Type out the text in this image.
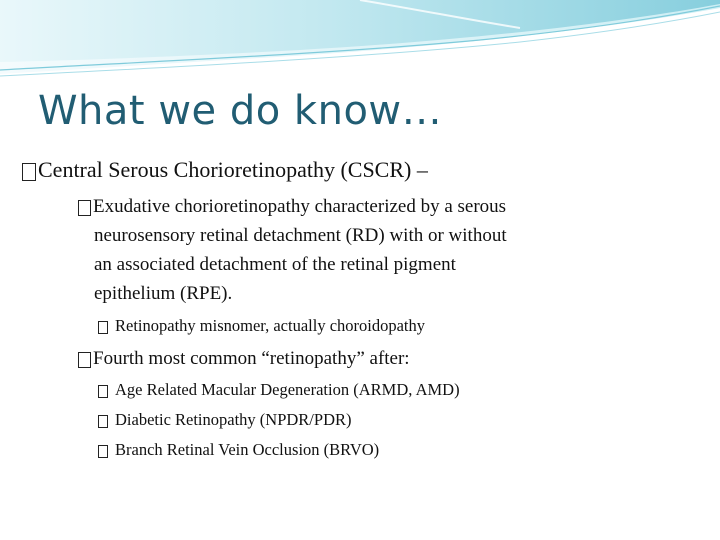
What we do know…
Central Serous Chorioretinopathy (CSCR) –
Exudative chorioretinopathy characterized by a serous
neurosensory retinal detachment (RD) with or without
an associated detachment of the retinal pigment
epithelium (RPE).
Retinopathy misnomer, actually choroidopathy
Fourth most common “retinopathy” after:
Age Related Macular Degeneration (ARMD, AMD)
Diabetic Retinopathy (NPDR/PDR)
Branch Retinal Vein Occlusion (BRVO)
